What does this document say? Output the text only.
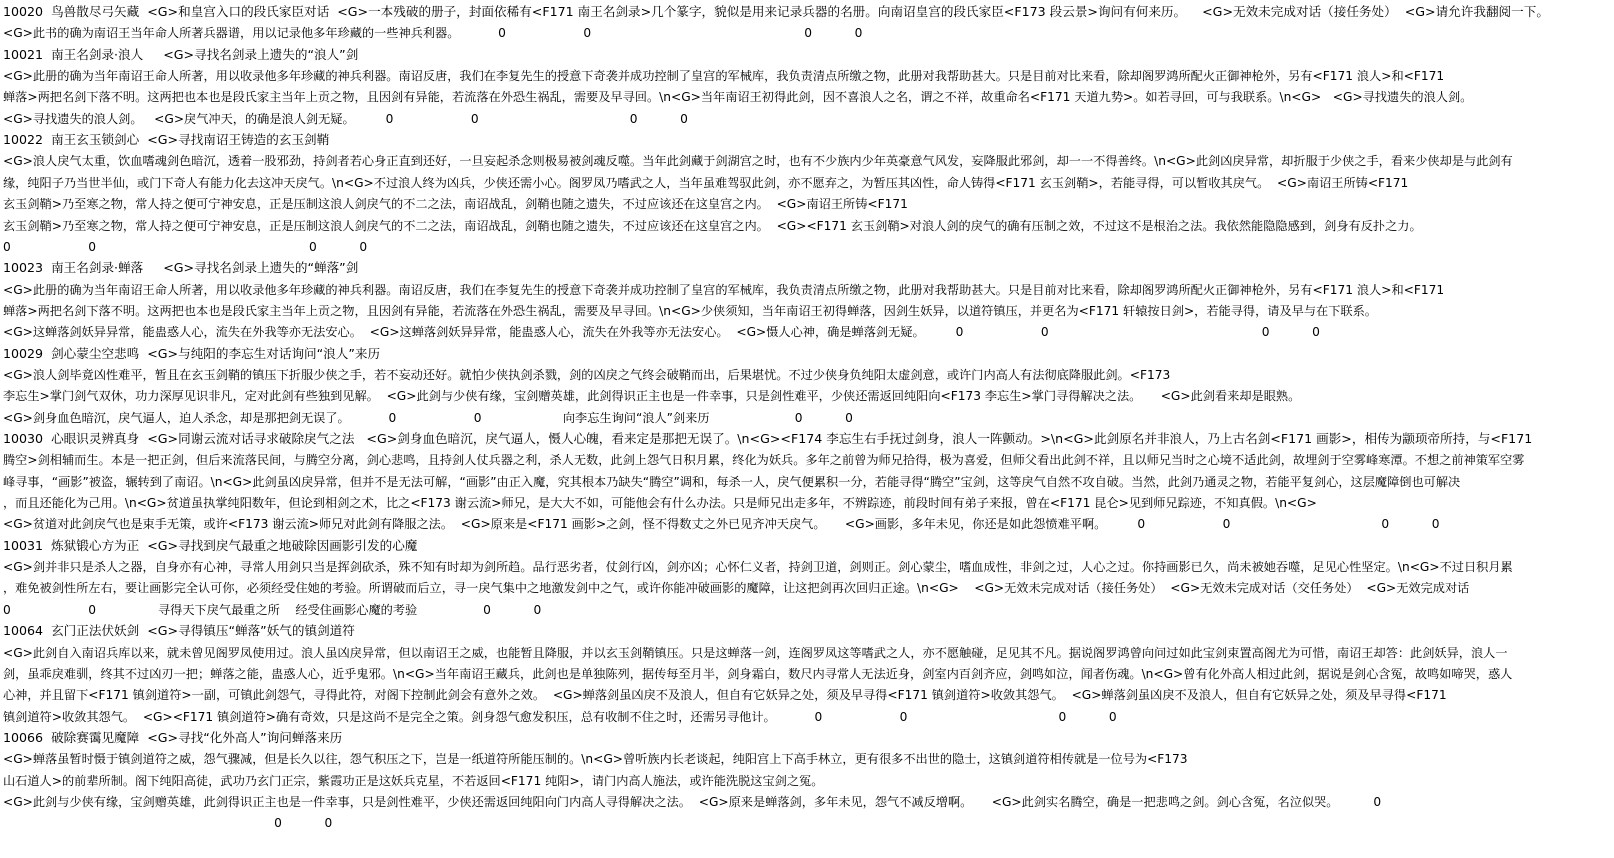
10020  鸟兽散尽弓矢藏  <G>和皇宫入口的段氏家臣对话  <G>一本残破的册子，封面依稀有<F171 南王名剑录>几个篆字，貌似是用来记录兵器的名册。向南诏皇宫的段氏家臣<F173 段云景>询问有何来历。    <G>无效未完成对话（接任务处）  <G>请允许我翻阅一下。
<G>此书的确为南诏王当年命人所著兵器谱，用以记录他多年珍藏的一些神兵利器。          0                    0                                                       0           0
10021  南王名剑录·浪人     <G>寻找名剑录上遗失的“浪人”剑
<G>此册的确为当年南诏王命人所著，用以收录他多年珍藏的神兵利器。南诏反唐，我们在李复先生的授意下奇袭并成功控制了皇宫的军械库，我负责清点所缴之物，此册对我帮助甚大。只是目前对比来看，除却阁罗鸿所配火正御神枪外，另有<F171 浪人>和<F171
蝉落>两把名剑下落不明。这两把也本也是段氏家主当年上贡之物，且因剑有异能，若流落在外恐生祸乱，需要及早寻回。\n<G>当年南诏王初得此剑，因不喜浪人之名，谓之不祥，故重命名<F171 天道九势>。如若寻回，可与我联系。\n<G>   <G>寻找遗失的浪人剑。
<G>寻找遗失的浪人剑。   <G>戾气冲天，的确是浪人剑无疑。        0                    0                                       0           0
10022  南王玄玉锁剑心  <G>寻找南诏王铸造的玄玉剑鞘
<G>浪人戾气太重，饮血嗜魂剑色暗沉，透着一股邪劲，持剑者若心身正直到还好，一旦妄起杀念则极易被剑魂反噬。当年此剑藏于剑湖宫之时，也有不少族内少年英豪意气风发，妄降服此邪剑，却一一不得善终。\n<G>此剑凶戾异常，却折服于少侠之手，看来少侠却是与此剑有
缘，纯阳子乃当世半仙，或门下奇人有能力化去这冲天戾气。\n<G>不过浪人终为凶兵，少侠还需小心。阁罗凤乃嗜武之人，当年虽难驾驭此剑，亦不愿弃之，为暂压其凶性，命人铸得<F171 玄玉剑鞘>，若能寻得，可以暂收其戾气。  <G>南诏王所铸<F171
玄玉剑鞘>乃至寒之物，常人持之便可宁神安息，正是压制这浪人剑戾气的不二之法，南诏战乱，剑鞘也随之遗失，不过应该还在这皇宫之内。  <G>南诏王所铸<F171
玄玉剑鞘>乃至寒之物，常人持之便可宁神安息，正是压制这浪人剑戾气的不二之法，南诏战乱，剑鞘也随之遗失，不过应该还在这皇宫之内。  <G><F171 玄玉剑鞘>对浪人剑的戾气的确有压制之效，不过这不是根治之法。我依然能隐隐感到，剑身有反扑之力。
0                    0                                                       0           0
10023  南王名剑录·蝉落     <G>寻找名剑录上遗失的“蝉落”剑
<G>此册的确为当年南诏王命人所著，用以收录他多年珍藏的神兵利器。南诏反唐，我们在李复先生的授意下奇袭并成功控制了皇宫的军械库，我负责清点所缴之物，此册对我帮助甚大。只是目前对比来看，除却阁罗鸿所配火正御神枪外，另有<F171 浪人>和<F171
蝉落>两把名剑下落不明。这两把也本也是段氏家主当年上贡之物，且因剑有异能，若流落在外恐生祸乱，需要及早寻回。\n<G>少侠须知，当年南诏王初得蝉落，因剑生妖异，以道符镇压，并更名为<F171 轩辕按日剑>，若能寻得，请及早与在下联系。
<G>这蝉落剑妖异异常，能蛊惑人心，流失在外我等亦无法安心。  <G>这蝉落剑妖异异常，能蛊惑人心，流失在外我等亦无法安心。  <G>慑人心神，确是蝉落剑无疑。        0                    0                                                       0           0
10029  剑心蒙尘空悲鸣  <G>与纯阳的李忘生对话询问“浪人”来历
<G>浪人剑毕竟凶性难平，暂且在玄玉剑鞘的镇压下折服少侠之手，若不妄动还好。就怕少侠执剑杀戮，剑的凶戾之气终会破鞘而出，后果堪忧。不过少侠身负纯阳太虚剑意，或许门内高人有法彻底降服此剑。<F173
李忘生>掌门剑气双休，功力深厚见识非凡，定对此剑有些独到见解。  <G>此剑与少侠有缘，宝剑赠英雄，此剑得识正主也是一件幸事，只是剑性难平，少侠还需返回纯阳向<F173 李忘生>掌门寻得解决之法。     <G>此剑看来却是眼熟。
<G>剑身血色暗沉，戾气逼人，迫人杀念，却是那把剑无误了。          0                    0                     向李忘生询问“浪人”剑来历                      0           0
10030  心眼识灵辨真身  <G>同谢云流对话寻求破除戾气之法   <G>剑身血色暗沉，戾气逼人，慑人心魄，看来定是那把无误了。\n<G><F174 李忘生右手抚过剑身，浪人一阵颤动。>\n<G>此剑原名并非浪人，乃上古名剑<F171 画影>，相传为颛顼帝所持，与<F171
腾空>剑相辅而生。本是一把正剑，但后来流落民间，与腾空分离，剑心悲鸣，且持剑人仗兵器之利，杀人无数，此剑上怨气日积月累，终化为妖兵。多年之前曾为师兄拾得，极为喜爱，但师父看出此剑不祥，且以师兄当时之心境不适此剑，故埋剑于空雾峰寒潭。不想之前神策军空雾
峰寻事，“画影”被盗，辗转到了南诏。\n<G>此剑虽凶戾异常，但并不是无法可解，“画影”由正入魔，究其根本乃缺失“腾空”调和，每杀一人，戾气便累积一分，若能寻得“腾空”宝剑，这等戾气自然不攻自破。当然，此剑乃通灵之物，若能平复剑心，这层魔障倒也可解决
，而且还能化为己用。\n<G>贫道虽执掌纯阳数年，但论到相剑之术，比之<F173 谢云流>师兄，是大大不如，可能他会有什么办法。只是师兄出走多年，不辨踪迹，前段时间有弟子来报，曾在<F171 昆仑>见到师兄踪迹，不知真假。\n<G>
<G>贫道对此剑戾气也是束手无策，或许<F173 谢云流>师兄对此剑有降服之法。  <G>原来是<F171 画影>之剑，怪不得数丈之外已见齐冲天戾气。     <G>画影，多年未见，你还是如此怨愤难平啊。        0                    0                                       0           0
10031  炼狱锻心方为正  <G>寻找到戾气最重之地破除因画影引发的心魔
<G>剑并非只是杀人之器，自身亦有心神，寻常人用剑只当是挥剑砍杀，殊不知有时却为剑所趋。品行恶劣者，仗剑行凶，剑亦凶；心怀仁义者，持剑卫道，剑则正。剑心蒙尘，嗜血成性，非剑之过，人心之过。你持画影已久，尚未被她吞噬，足见心性坚定。\n<G>不过日积月累
，难免被剑性所左右，要让画影完全认可你，必须经受住她的考验。所谓破而后立，寻一戾气集中之地激发剑中之气，或许你能冲破画影的魔障，让这把剑再次回归正途。\n<G>    <G>无效未完成对话（接任务处）  <G>无效未完成对话（交任务处）  <G>无效完成对话
0                    0                寻得天下戾气最重之所    经受住画影心魔的考验                 0           0
10064  玄门正法伏妖剑  <G>寻得镇压“蝉落”妖气的镇剑道符
<G>此剑自入南诏兵库以来，就未曾见阁罗凤使用过。浪人虽凶戾异常，但以南诏王之威，也能暂且降服，并以玄玉剑鞘镇压。只是这蝉落一剑，连阁罗凤这等嗜武之人，亦不愿触碰，足见其不凡。据说阁罗鸿曾向问过如此宝剑束置高阁尤为可惜，南诏王却答：此剑妖异，浪人一
剑，虽乖戾难驯，终其不过凶刃一把；蝉落之能，蛊惑人心，近乎鬼邪。\n<G>当年南诏王藏兵，此剑也是单独陈列，据传每至月半，剑身霜白，数尺内寻常人无法近身，剑室内百剑齐应，剑鸣如泣，闻者伤魂。\n<G>曾有化外高人相过此剑，据说是剑心含冤，故鸣如啼哭，惑人
心神，并且留下<F171 镇剑道符>一副，可镇此剑怨气，寻得此符，对阁下控制此剑会有意外之效。  <G>蝉落剑虽凶戾不及浪人，但自有它妖异之处，须及早寻得<F171 镇剑道符>收敛其怨气。  <G>蝉落剑虽凶戾不及浪人，但自有它妖异之处，须及早寻得<F171
镇剑道符>收敛其怨气。  <G><F171 镇剑道符>确有奇效，只是这尚不是完全之策。剑身怨气愈发积压，总有收制不住之时，还需另寻他计。          0                    0                                       0           0
10066  破除赛霭见魔障  <G>寻找“化外高人”询问蝉落来历
<G>蝉落虽暂时慑于镇剑道符之威，怨气骤减，但是长久以往，怨气积压之下，岂是一纸道符所能压制的。\n<G>曾听族内长老谈起，纯阳宫上下高手林立，更有很多不出世的隐士，这镇剑道符相传就是一位号为<F173
山石道人>的前辈所制。阁下纯阳高徒，武功乃玄门正宗，紫霞功正是这妖兵克星，不若返回<F171 纯阳>，请门内高人施法，或许能洗脱这宝剑之冤。
<G>此剑与少侠有缘，宝剑赠英雄，此剑得识正主也是一件幸事，只是剑性难平，少侠还需返回纯阳向门内高人寻得解决之法。  <G>原来是蝉落剑，多年未见，怨气不减反增啊。     <G>此剑实名腾空，确是一把悲鸣之剑。剑心含冤，名泣似哭。         0
0           0
